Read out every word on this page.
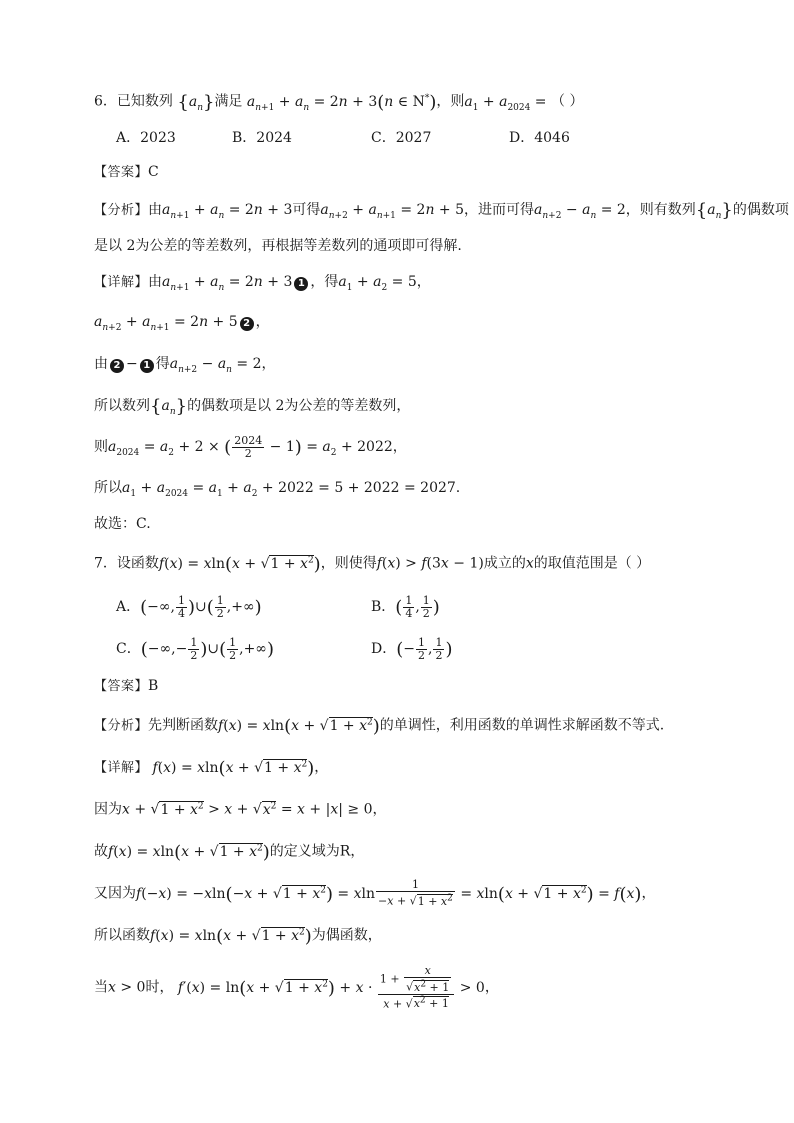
6．已知数列 $\{a_n\}$满足 $a_{n+1} + a_n = 2n + 3(n$ ∈ N*)，则$a_1 + a_{2024}$ = （ ）
A．2023	B．2024	C．2027	D．4046
【答案】C
【分析】由$a_{n+1} + a_n = 2n + 3$可得$a_{n+2} + a_{n+1} = 2n + 5$，进而可得$a_{n+2} - a_n = 2$，则有数列$\{a_n\}$的偶数项
是以 2为公差的等差数列，再根据等差数列的通项即可得解.
【详解】由$a_{n+1} + a_n = 2n + 3$ 1 ，得$a_1 + a_2 = 5$，
$a_{n+2} + a_{n+1} = 2n + 5$ 2 ，
由 2 − 1 得$a_{n+2} - a_n = 2$，
所以数列$\{a_n\}$的偶数项是以 2为公差的等差数列，
则$a_{2024} = a_2 + 2$ × ( $\frac{2024}{2} - 1) = a_2 + 2022$，
所以$a_1 + a_{2024} = a_1 + a_2 + 2022 = 5 + 2022 = 2027$.
故选：C.
7．设函数$f(x) = xln(x + √1 + x^2)$，则使得f(x) > f(3x − 1)成立的x的取值范围是（ ）
A．(−∞, $\frac{1}{4}$ )∪( $\frac{1}{2}$ ,+∞)	B．( $\frac{1}{4}$ , $\frac{1}{2}$ )
C．(−∞,− $\frac{1}{2}$ )∪( $\frac{1}{2}$ ,+∞)	D．(− $\frac{1}{2}$ , $\frac{1}{2}$ )
【答案】B
【分析】先判断函数$f(x) = xln(x + √1 + x^2)$的单调性，利用函数的单调性求解函数不等式.
【详解】 $f(x) = xln(x + √1 + x^2)$，
因为$x + √1 + x^2 > x + √x^2 = x + |x| \ge 0$，
故$f(x) = xln(x + √1 + x^2)$的定义域为R，
又因为$f(-x) = -xln(-x + √1 + x^2) = xln \frac{1}{-x + √1 + x^2} = xln(x + √1 + x^2) = f(x)$，
所以函数$f(x) = xln(x + √1 + x^2)$为偶函数，
当x > 0时， $f'(x) = \ln(x + √1 + x^2) + x \cdot \frac{1 + \frac{x}{√x^2 + 1}}{x + √x^2 + 1} > 0$，
